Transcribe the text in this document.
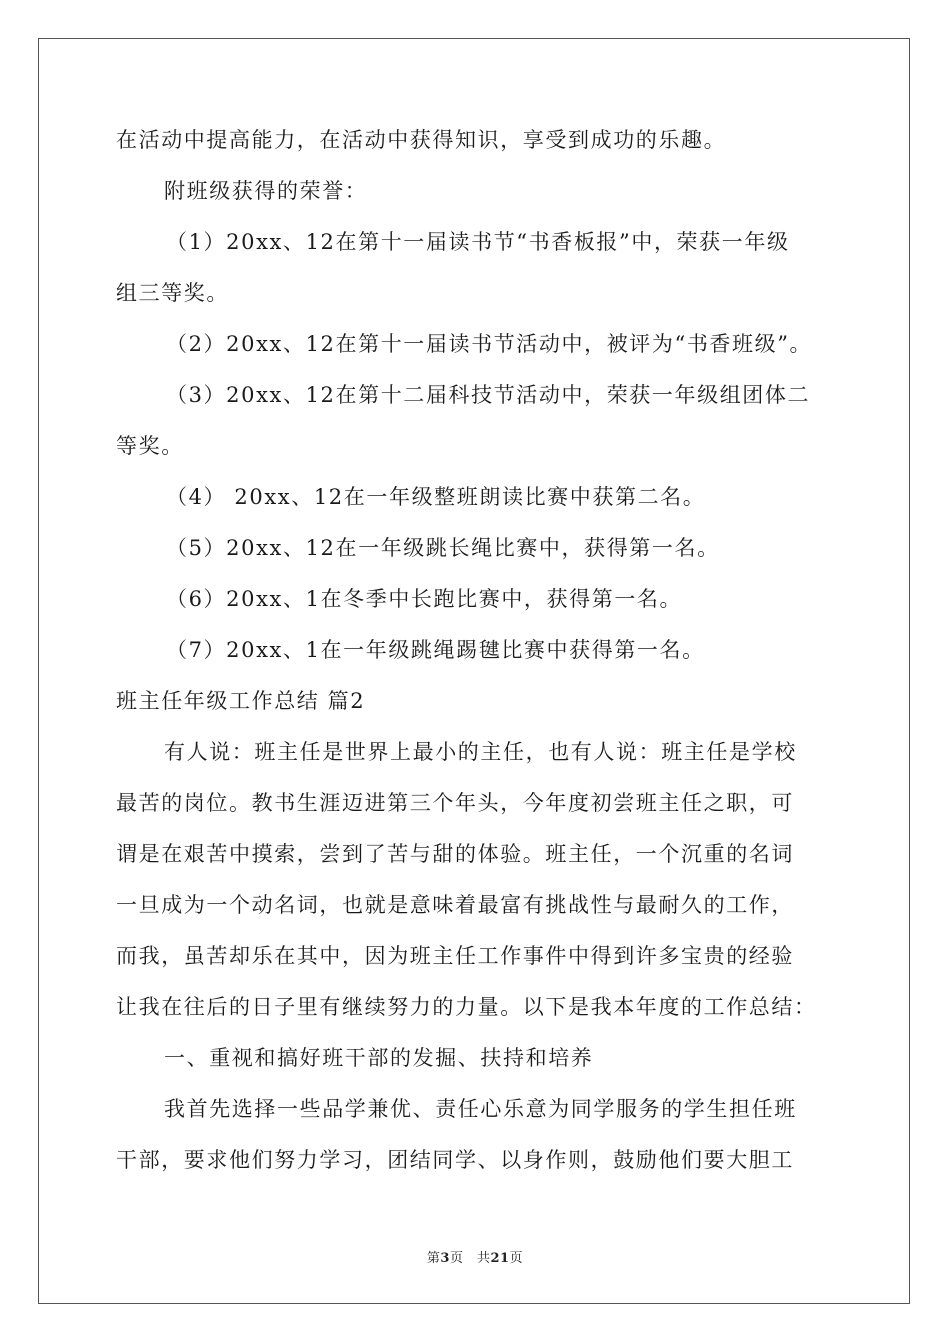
在活动中提高能力，在活动中获得知识，享受到成功的乐趣。

附班级获得的荣誉：

（1）20xx、12在第十一届读书节“书香板报”中，荣获一年级

组三等奖。

（2）20xx、12在第十一届读书节活动中，被评为“书香班级”。

（3）20xx、12在第十二届科技节活动中，荣获一年级组团体二

等奖。

（4） 20xx、12在一年级整班朗读比赛中获第二名。

（5）20xx、12在一年级跳长绳比赛中，获得第一名。

（6）20xx、1在冬季中长跑比赛中，获得第一名。

（7）20xx、1在一年级跳绳踢毽比赛中获得第一名。

班主任年级工作总结 篇2

有人说：班主任是世界上最小的主任，也有人说：班主任是学校

最苦的岗位。教书生涯迈进第三个年头，今年度初尝班主任之职，可

谓是在艰苦中摸索，尝到了苦与甜的体验。班主任，一个沉重的名词

一旦成为一个动名词，也就是意味着最富有挑战性与最耐久的工作，

而我，虽苦却乐在其中，因为班主任工作事件中得到许多宝贵的经验

让我在往后的日子里有继续努力的力量。以下是我本年度的工作总结：

一、重视和搞好班干部的发掘、扶持和培养

我首先选择一些品学兼优、责任心乐意为同学服务的学生担任班

干部，要求他们努力学习，团结同学、以身作则，鼓励他们要大胆工

第3页　共21页
